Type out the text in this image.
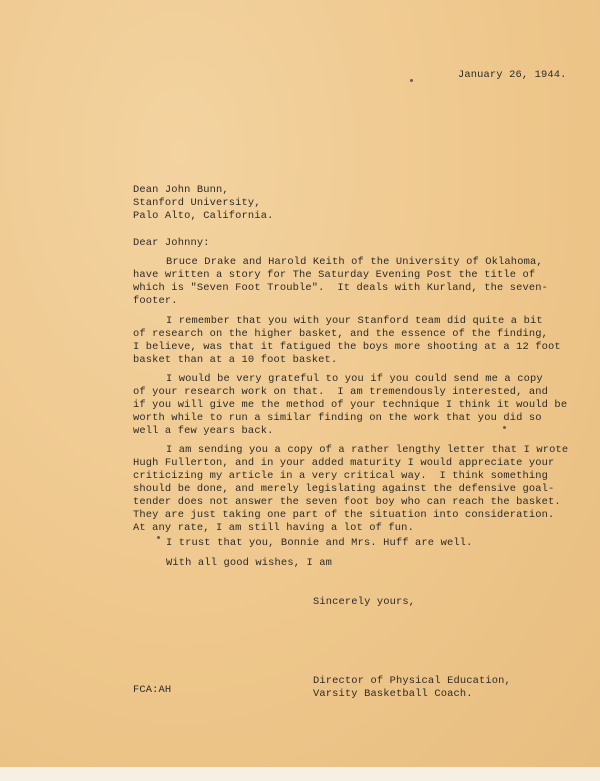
January 26, 1944.
Dean John Bunn,
Stanford University,
Palo Alto, California.
Dear Johnny:
Bruce Drake and Harold Keith of the University of Oklahoma,
have written a story for The Saturday Evening Post the title of
which is "Seven Foot Trouble".  It deals with Kurland, the seven-
footer.
I remember that you with your Stanford team did quite a bit
of research on the higher basket, and the essence of the finding,
I believe, was that it fatigued the boys more shooting at a 12 foot
basket than at a 10 foot basket.
I would be very grateful to you if you could send me a copy
of your research work on that.  I am tremendously interested, and
if you will give me the method of your technique I think it would be
worth while to run a similar finding on the work that you did so
well a few years back.
I am sending you a copy of a rather lengthy letter that I wrote
Hugh Fullerton, and in your added maturity I would appreciate your
criticizing my article in a very critical way.  I think something
should be done, and merely legislating against the defensive goal-
tender does not answer the seven foot boy who can reach the basket.
They are just taking one part of the situation into consideration.
At any rate, I am still having a lot of fun.
I trust that you, Bonnie and Mrs. Huff are well.
With all good wishes, I am
Sincerely yours,
Director of Physical Education,
Varsity Basketball Coach.
FCA:AH
